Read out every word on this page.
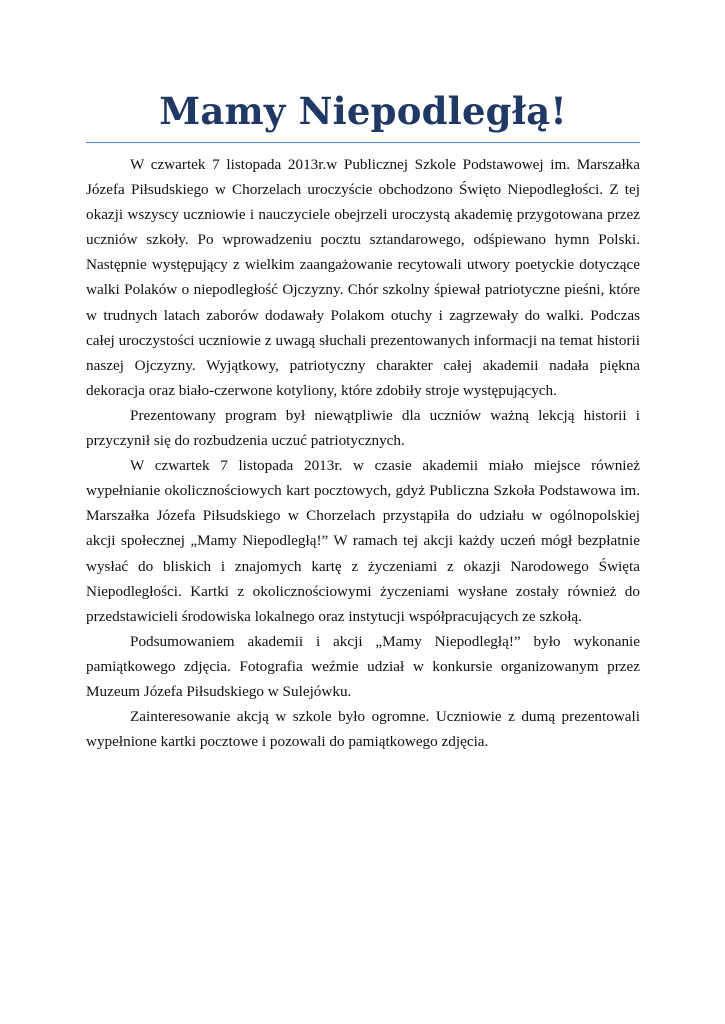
Mamy Niepodległą!

W czwartek 7 listopada 2013r.w Publicznej Szkole Podstawowej im. Marszałka Józefa Piłsudskiego w Chorzelach uroczyście obchodzono Święto Niepodległości. Z tej okazji wszyscy uczniowie i nauczyciele obejrzeli uroczystą akademię przygotowana przez uczniów szkoły. Po wprowadzeniu pocztu sztandarowego, odśpiewano hymn Polski. Następnie występujący z wielkim zaangażowanie recytowali utwory poetyckie dotyczące walki Polaków o niepodległość Ojczyzny. Chór szkolny śpiewał patriotyczne pieśni, które w trudnych latach zaborów dodawały Polakom otuchy i zagrzewały do walki. Podczas całej uroczystości uczniowie z uwagą słuchali prezentowanych informacji na temat historii naszej Ojczyzny. Wyjątkowy, patriotyczny charakter całej akademii nadała piękna dekoracja oraz biało-czerwone kotyliony, które zdobiły stroje występujących.

Prezentowany program był niewątpliwie dla uczniów ważną lekcją historii i przyczynił się do rozbudzenia uczuć patriotycznych.

W czwartek 7 listopada 2013r. w czasie akademii miało miejsce również wypełnianie okolicznościowych kart pocztowych, gdyż Publiczna Szkoła Podstawowa im. Marszałka Józefa Piłsudskiego w Chorzelach przystąpiła do udziału w ogólnopolskiej akcji społecznej „Mamy Niepodległą!” W ramach tej akcji każdy uczeń mógł bezpłatnie wysłać do bliskich i znajomych kartę z życzeniami z okazji Narodowego Święta Niepodległości. Kartki z okolicznościowymi życzeniami wysłane zostały również do przedstawicieli środowiska lokalnego oraz instytucji współpracujących ze szkołą.

Podsumowaniem akademii i akcji „Mamy Niepodległą!” było wykonanie pamiątkowego zdjęcia. Fotografia weźmie udział w konkursie organizowanym przez Muzeum Józefa Piłsudskiego w Sulejówku.

Zainteresowanie akcją w szkole było ogromne. Uczniowie z dumą prezentowali wypełnione kartki pocztowe i pozowali do pamiątkowego zdjęcia.
